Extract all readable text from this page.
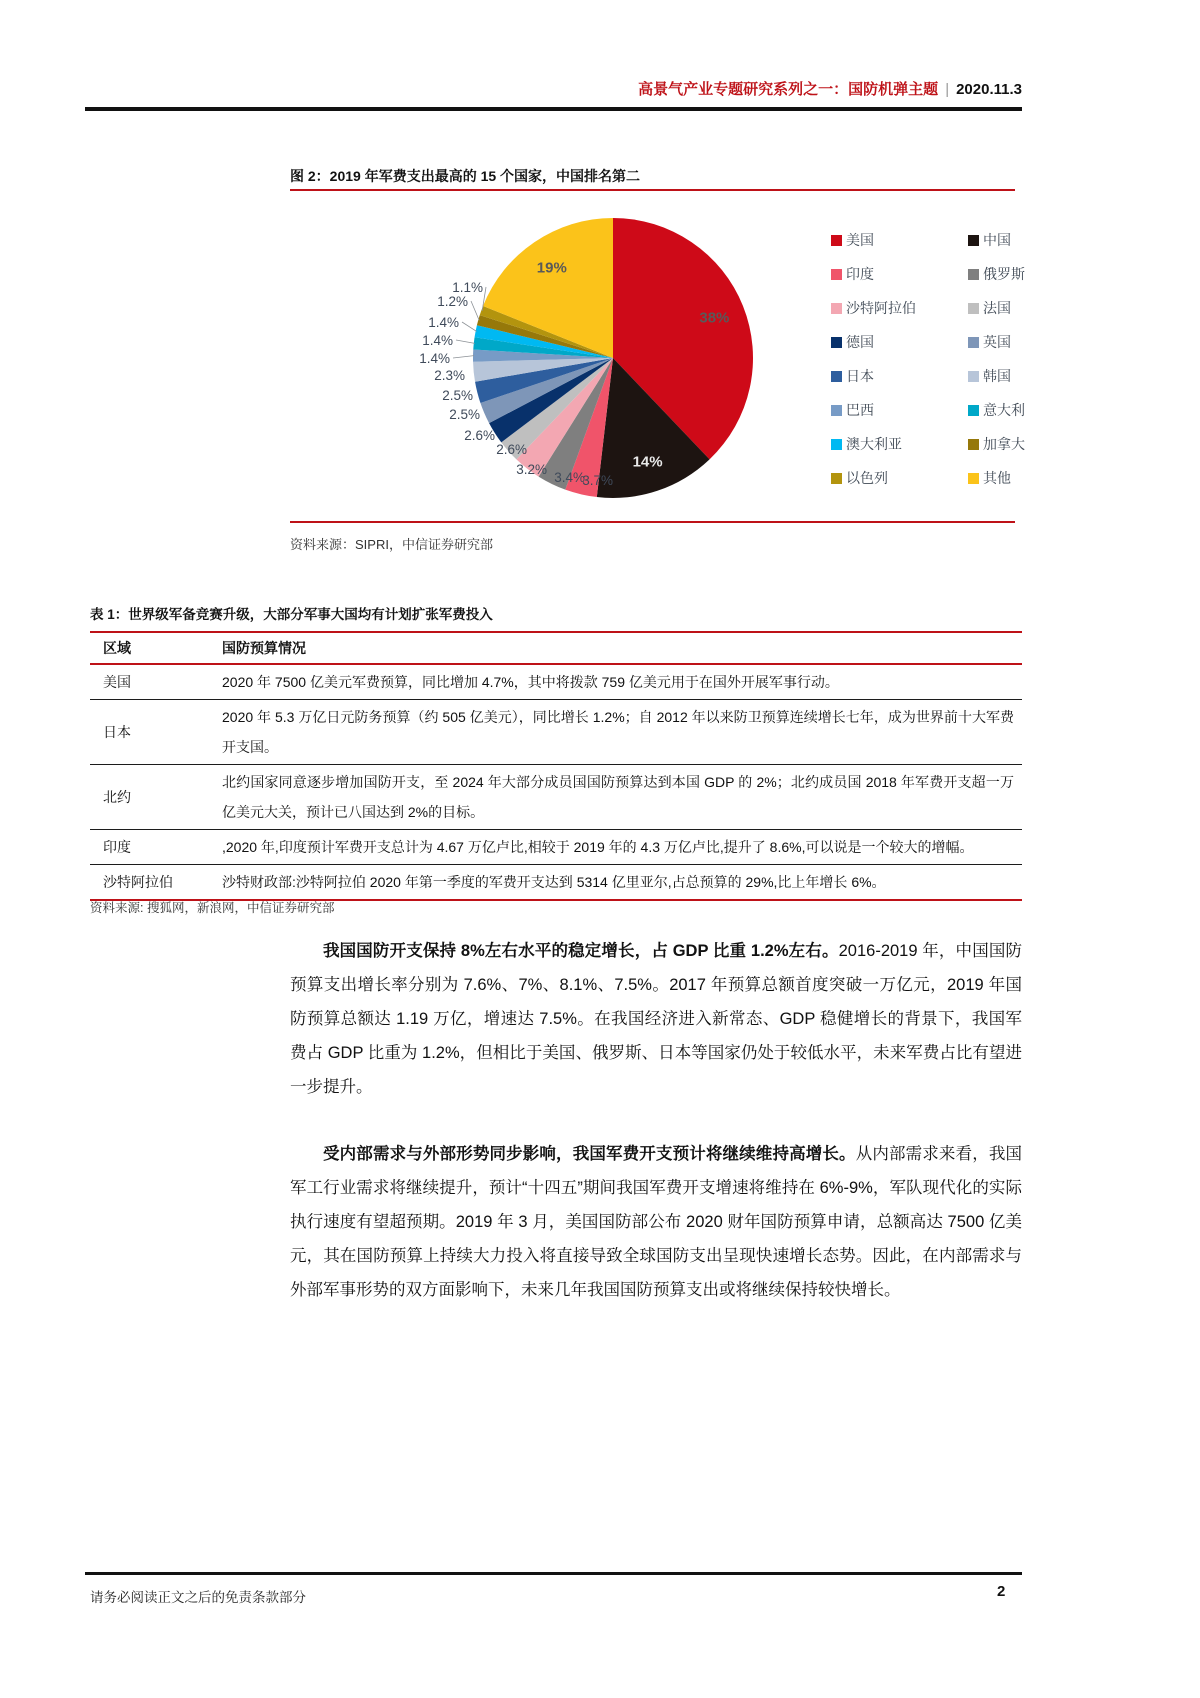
高景气产业专题研究系列之一：国防机弹主题 | 2020.11.3
图 2：2019 年军费支出最高的 15 个国家，中国排名第二
38%
14%
3.7%
3.4%
3.2%
2.6%
2.6%
2.5%
2.5%
2.3%
1.4%
1.4%
1.4%
1.2%
1.1%
19%
美国	中国
印度	俄罗斯
沙特阿拉伯	法国
德国	英国
日本	韩国
巴西	意大利
澳大利亚	加拿大
以色列	其他
资料来源：SIPRI，中信证券研究部
表 1：世界级军备竞赛升级，大部分军事大国均有计划扩张军费投入
区域	国防预算情况
美国	2020 年 7500 亿美元军费预算，同比增加 4.7%，其中将拨款 759 亿美元用于在国外开展军事行动。
日本	2020 年 5.3 万亿日元防务预算（约 505 亿美元），同比增长 1.2%；自 2012 年以来防卫预算连续增长七年，成为世界前十大军费开支国。
北约	北约国家同意逐步增加国防开支，至 2024 年大部分成员国国防预算达到本国 GDP 的 2%；北约成员国 2018 年军费开支超一万亿美元大关，预计已八国达到 2%的目标。
印度	,2020 年,印度预计军费开支总计为 4.67 万亿卢比,相较于 2019 年的 4.3 万亿卢比,提升了 8.6%,可以说是一个较大的增幅。
沙特阿拉伯	沙特财政部:沙特阿拉伯 2020 年第一季度的军费开支达到 5314 亿里亚尔,占总预算的 29%,比上年增长 6%。
资料来源: 搜狐网，新浪网，中信证券研究部

我国国防开支保持 8%左右水平的稳定增长，占 GDP 比重 1.2%左右。2016-2019 年，中国国防预算支出增长率分别为 7.6%、7%、8.1%、7.5%。2017 年预算总额首度突破一万亿元，2019 年国防预算总额达 1.19 万亿，增速达 7.5%。在我国经济进入新常态、GDP 稳健增长的背景下，我国军费占 GDP 比重为 1.2%，但相比于美国、俄罗斯、日本等国家仍处于较低水平，未来军费占比有望进一步提升。

受内部需求与外部形势同步影响，我国军费开支预计将继续维持高增长。从内部需求来看，我国军工行业需求将继续提升，预计“十四五”期间我国军费开支增速将维持在 6%-9%，军队现代化的实际执行速度有望超预期。2019 年 3 月，美国国防部公布 2020 财年国防预算申请，总额高达 7500 亿美元，其在国防预算上持续大力投入将直接导致全球国防支出呈现快速增长态势。因此，在内部需求与外部军事形势的双方面影响下，未来几年我国国防预算支出或将继续保持较快增长。

请务必阅读正文之后的免责条款部分	2
